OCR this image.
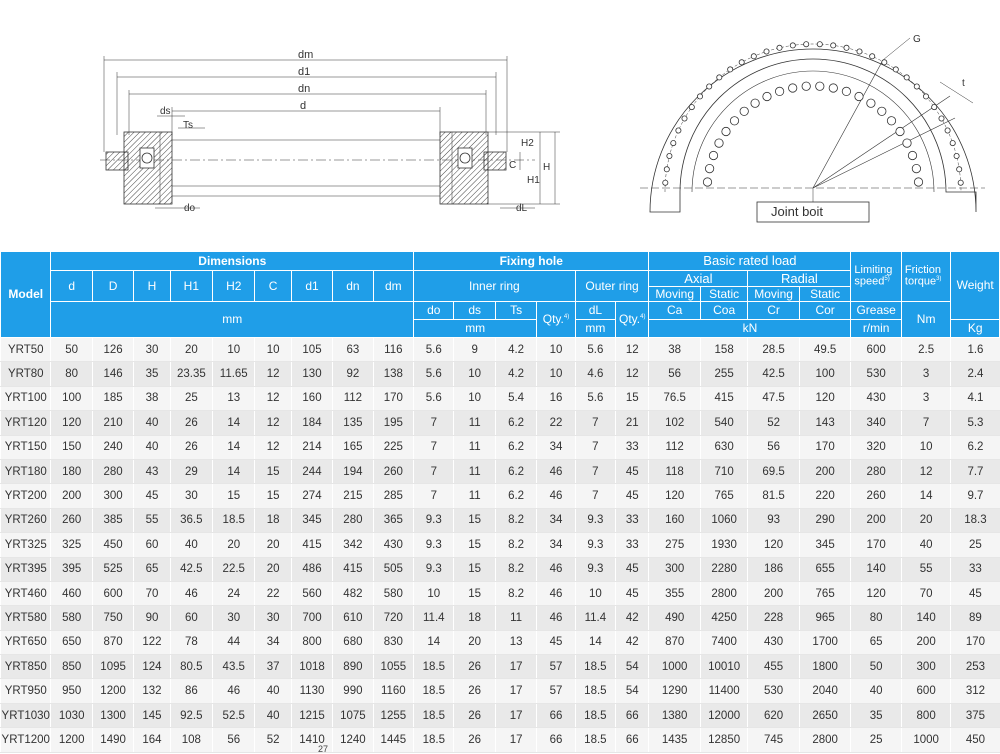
dm
d1
dn
d
ds
Ts
do	dL
H2
H
H1
C
G
t
Joint boit
Model	Dimensions									Fixing hole						Basic rated load				Limiting speed$^{5)}$	Friction torque$^{3)}$	Weight
	d	D	H	H1	H2	C	d1	dn	dm	Inner ring				Outer ring		Axial		Radial				
																Moving	Static	Moving	Static			
	mm									do	ds	Ts	Qty.$^{4)}$	dL	Qty.$^{4)}$	Ca	Coa	Cr	Cor	Grease	Nm	
										mm				mm		kN				r/min		Kg
YRT50	50	126	30	20	10	10	105	63	116	5.6	9	4.2	10	5.6	12	38	158	28.5	49.5	600	2.5	1.6
YRT80	80	146	35	23.35	11.65	12	130	92	138	5.6	10	4.2	10	4.6	12	56	255	42.5	100	530	3	2.4
YRT100	100	185	38	25	13	12	160	112	170	5.6	10	5.4	16	5.6	15	76.5	415	47.5	120	430	3	4.1
YRT120	120	210	40	26	14	12	184	135	195	7	11	6.2	22	7	21	102	540	52	143	340	7	5.3
YRT150	150	240	40	26	14	12	214	165	225	7	11	6.2	34	7	33	112	630	56	170	320	10	6.2
YRT180	180	280	43	29	14	15	244	194	260	7	11	6.2	46	7	45	118	710	69.5	200	280	12	7.7
YRT200	200	300	45	30	15	15	274	215	285	7	11	6.2	46	7	45	120	765	81.5	220	260	14	9.7
YRT260	260	385	55	36.5	18.5	18	345	280	365	9.3	15	8.2	34	9.3	33	160	1060	93	290	200	20	18.3
YRT325	325	450	60	40	20	20	415	342	430	9.3	15	8.2	34	9.3	33	275	1930	120	345	170	40	25
YRT395	395	525	65	42.5	22.5	20	486	415	505	9.3	15	8.2	46	9.3	45	300	2280	186	655	140	55	33
YRT460	460	600	70	46	24	22	560	482	580	10	15	8.2	46	10	45	355	2800	200	765	120	70	45
YRT580	580	750	90	60	30	30	700	610	720	11.4	18	11	46	11.4	42	490	4250	228	965	80	140	89
YRT650	650	870	122	78	44	34	800	680	830	14	20	13	45	14	42	870	7400	430	1700	65	200	170
YRT850	850	1095	124	80.5	43.5	37	1018	890	1055	18.5	26	17	57	18.5	54	1000	10010	455	1800	50	300	253
YRT950	950	1200	132	86	46	40	1130	990	1160	18.5	26	17	57	18.5	54	1290	11400	530	2040	40	600	312
YRT1030	1030	1300	145	92.5	52.5	40	1215	1075	1255	18.5	26	17	66	18.5	66	1380	12000	620	2650	35	800	375
YRT1200	1200	1490	164	108	56	52	1410	1240	1445	18.5	26	17	66	18.5	66	1435	12850	745	2800	25	1000	450
27
